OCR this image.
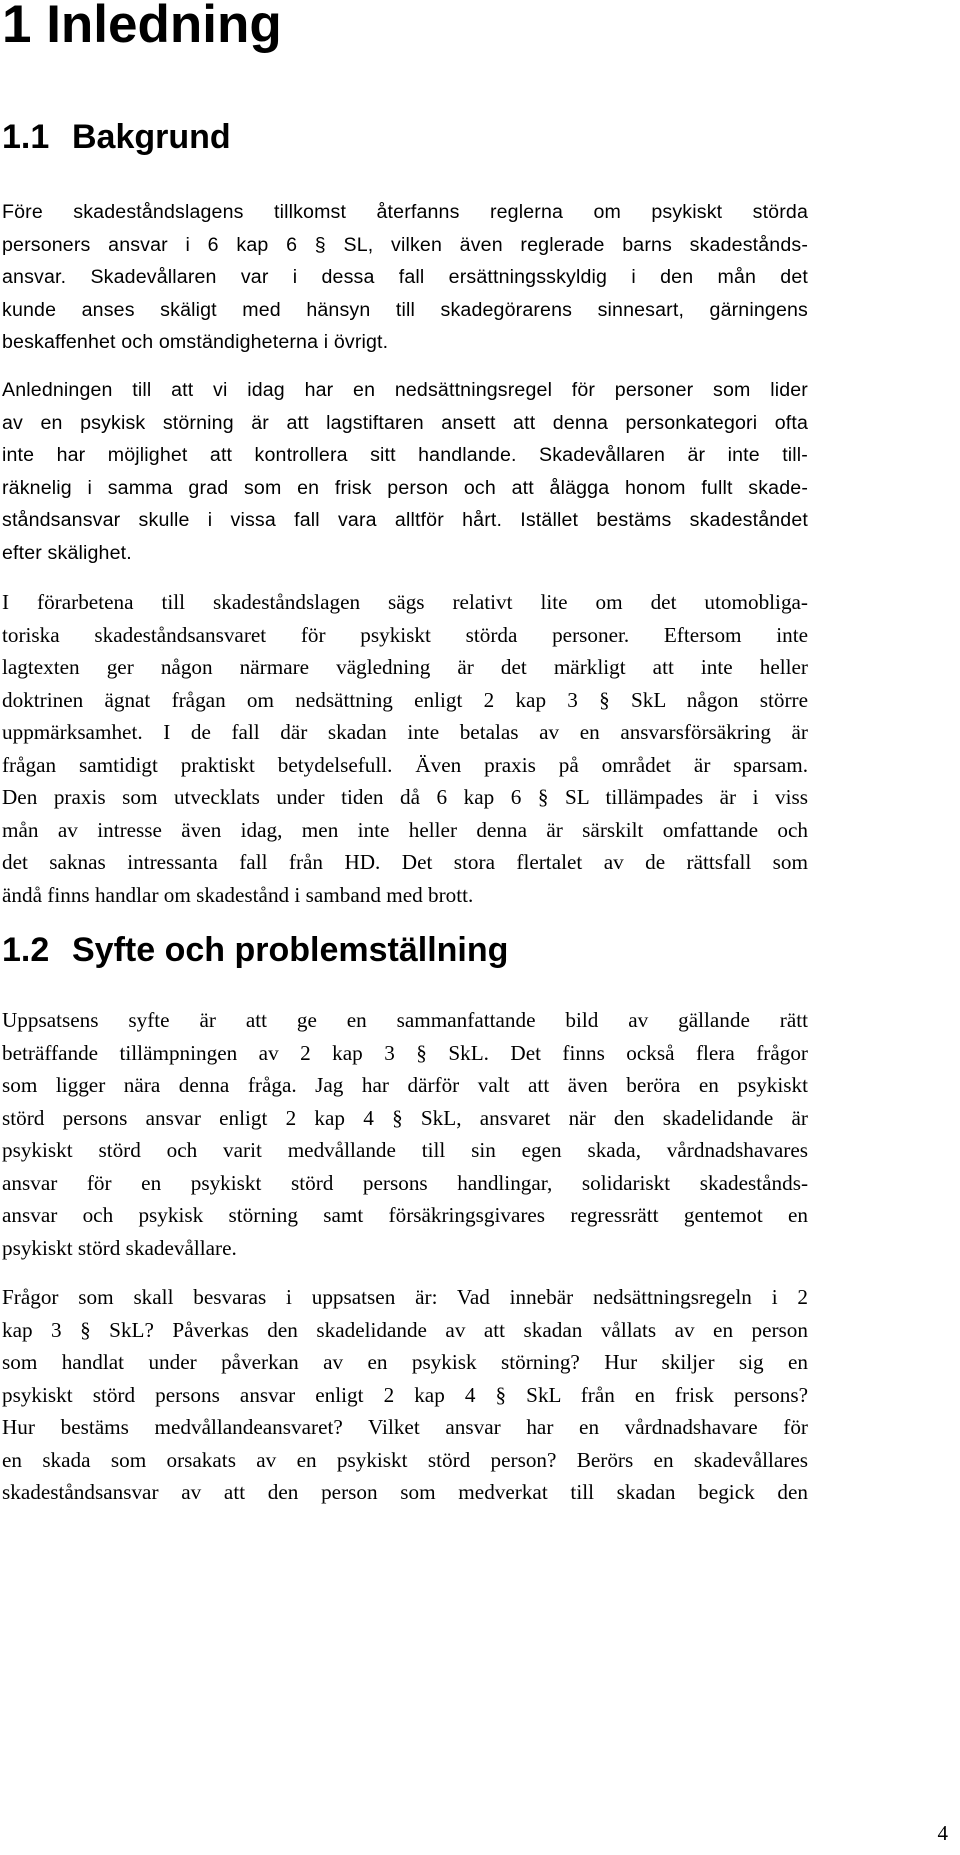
1 Inledning
1.1 Bakgrund
Före skadeståndslagens tillkomst återfanns reglerna om psykiskt störda
personers ansvar i 6 kap 6 § SL, vilken även reglerade barns skadestånds-
ansvar. Skadevållaren var i dessa fall ersättningsskyldig i den mån det
kunde anses skäligt med hänsyn till skadegörarens sinnesart, gärningens
beskaffenhet och omständigheterna i övrigt.
Anledningen till att vi idag har en nedsättningsregel för personer som lider
av en psykisk störning är att lagstiftaren ansett att denna personkategori ofta
inte har möjlighet att kontrollera sitt handlande. Skadevållaren är inte till-
räknelig i samma grad som en frisk person och att ålägga honom fullt skade-
ståndsansvar skulle i vissa fall vara alltför hårt. Istället bestäms skadeståndet
efter skälighet.
I förarbetena till skadeståndslagen sägs relativt lite om det utomobliga-
toriska skadeståndsansvaret för psykiskt störda personer. Eftersom inte
lagtexten ger någon närmare vägledning är det märkligt att inte heller
doktrinen ägnat frågan om nedsättning enligt 2 kap 3 § SkL någon större
uppmärksamhet. I de fall där skadan inte betalas av en ansvarsförsäkring är
frågan samtidigt praktiskt betydelsefull. Även praxis på området är sparsam.
Den praxis som utvecklats under tiden då 6 kap 6 § SL tillämpades är i viss
mån av intresse även idag, men inte heller denna är särskilt omfattande och
det saknas intressanta fall från HD. Det stora flertalet av de rättsfall som
ändå finns handlar om skadestånd i samband med brott.
1.2 Syfte och problemställning
Uppsatsens syfte är att ge en sammanfattande bild av gällande rätt
beträffande tillämpningen av 2 kap 3 § SkL. Det finns också flera frågor
som ligger nära denna fråga. Jag har därför valt att även beröra en psykiskt
störd persons ansvar enligt 2 kap 4 § SkL, ansvaret när den skadelidande är
psykiskt störd och varit medvållande till sin egen skada, vårdnadshavares
ansvar för en psykiskt störd persons handlingar, solidariskt skadestånds-
ansvar och psykisk störning samt försäkringsgivares regressrätt gentemot en
psykiskt störd skadevållare.
Frågor som skall besvaras i uppsatsen är: Vad innebär nedsättningsregeln i 2
kap 3 § SkL? Påverkas den skadelidande av att skadan vållats av en person
som handlat under påverkan av en psykisk störning? Hur skiljer sig en
psykiskt störd persons ansvar enligt 2 kap 4 § SkL från en frisk persons?
Hur bestäms medvållandeansvaret? Vilket ansvar har en vårdnadshavare för
en skada som orsakats av en psykiskt störd person? Berörs en skadevållares
skadeståndsansvar av att den person som medverkat till skadan begick den
4
